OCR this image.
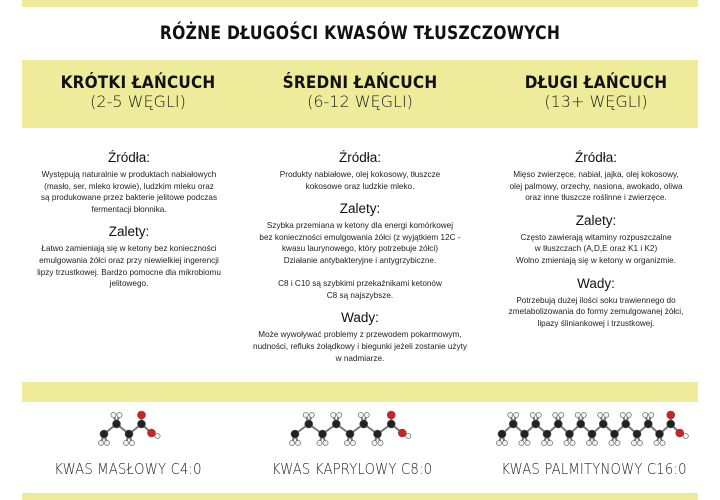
RÓŻNE DŁUGOŚCI KWASÓW TŁUSZCZOWYCH
KRÓTKI ŁAŃCUCH
(2-5 WĘGLI)
ŚREDNI ŁAŃCUCH
(6-12 WĘGLI)
DŁUGI ŁAŃCUCH
(13+ WĘGLI)
Źródła:
Występują naturalnie w produktach nabiałowych
(masło, ser, mleko krowie), ludzkim mleku oraz
są produkowane przez bakterie jelitowe podczas
fermentacji błonnika.
Zalety:
Łatwo zamieniają się w ketony bez konieczności
emulgowania żółci oraz przy niewielkiej ingerencji
lipzy trzustkowej. Bardzo pomocne dla mikrobiomu
jelitowego.
Źródła:
Produkty nabiałowe, olej kokosowy, tłuszcze
kokosowe oraz ludzkie mleko.
Zalety:
Szybka przemiana w ketony dla energi komórkowej
bez konieczności emulgowania żółci (z wyjątkiem 12C -
kwasu laurynowego, który potrzebuje żółci)
Działanie antybakteryjne i antygrzybiczne.

C8 i C10 są szybkimi przekaźnikami ketonów
C8 są najszybsze.
Wady:
Może wywoływać problemy z przewodem pokarmowym,
nudności, refluks żołądkowy i biegunki jeżeli zostanie użyty
w nadmiarze.
Źródła:
Mięso zwierzęce, nabiał, jajka, olej kokosowy,
olej palmowy, orzechy, nasiona, awokado, oliwa
oraz inne tłuszcze roślinne i zwierzęce.
Zalety:
Często zawierają witaminy rozpuszczalne
w tłuszczach (A,D,E oraz K1 i K2)
Wolno zmieniają się w ketony w organizmie.
Wady:
Potrzebują dużej ilości soku trawiennego do
zmetabolizowania do formy zemulgowanej żółci,
lipazy śliniankowej i trzustkowej.
KWAS MASŁOWY C4:0	KWAS KAPRYLOWY C8:0	KWAS PALMITYNOWY C16:0
